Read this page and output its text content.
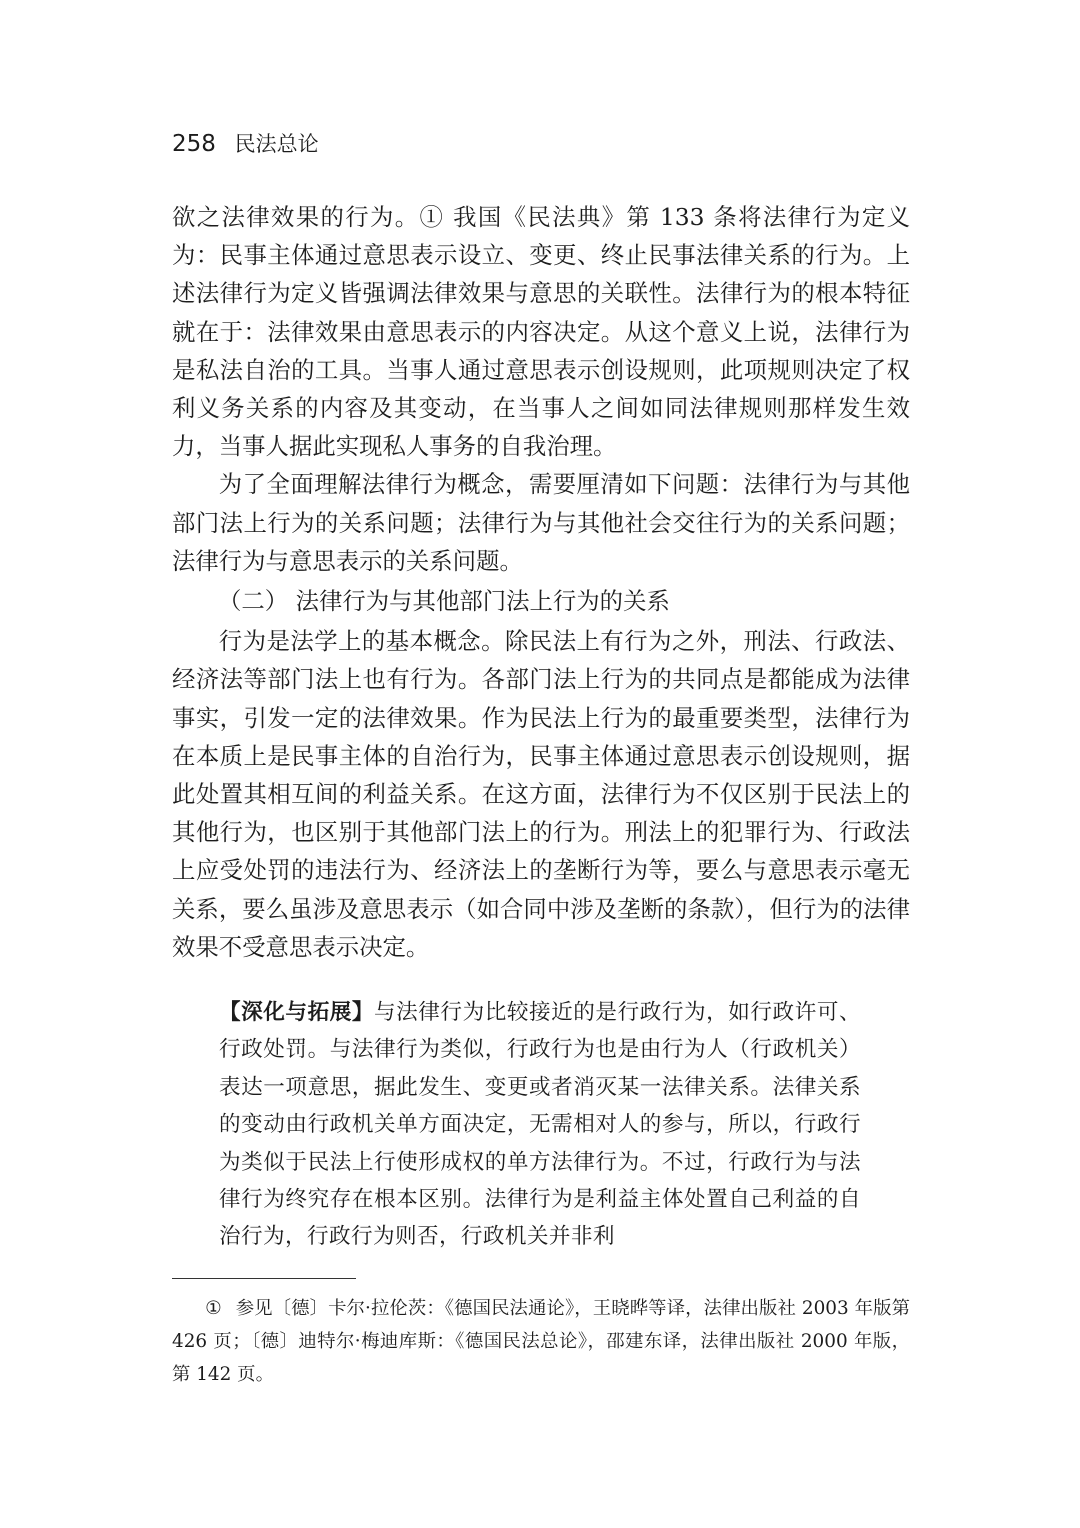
258 民法总论

欲之法律效果的行为。① 我国《民法典》第 133 条将法律行为定义为：民事主体通过意思表示设立、变更、终止民事法律关系的行为。上述法律行为定义皆强调法律效果与意思的关联性。法律行为的根本特征就在于：法律效果由意思表示的内容决定。从这个意义上说，法律行为是私法自治的工具。当事人通过意思表示创设规则，此项规则决定了权利义务关系的内容及其变动，在当事人之间如同法律规则那样发生效力，当事人据此实现私人事务的自我治理。

为了全面理解法律行为概念，需要厘清如下问题：法律行为与其他部门法上行为的关系问题；法律行为与其他社会交往行为的关系问题；法律行为与意思表示的关系问题。

（二） 法律行为与其他部门法上行为的关系

行为是法学上的基本概念。除民法上有行为之外，刑法、行政法、经济法等部门法上也有行为。各部门法上行为的共同点是都能成为法律事实，引发一定的法律效果。作为民法上行为的最重要类型，法律行为在本质上是民事主体的自治行为，民事主体通过意思表示创设规则，据此处置其相互间的利益关系。在这方面，法律行为不仅区别于民法上的其他行为，也区别于其他部门法上的行为。刑法上的犯罪行为、行政法上应受处罚的违法行为、经济法上的垄断行为等，要么与意思表示毫无关系，要么虽涉及意思表示（如合同中涉及垄断的条款），但行为的法律效果不受意思表示决定。

【深化与拓展】与法律行为比较接近的是行政行为，如行政许可、行政处罚。与法律行为类似，行政行为也是由行为人（行政机关）表达一项意思，据此发生、变更或者消灭某一法律关系。法律关系的变动由行政机关单方面决定，无需相对人的参与，所以，行政行为类似于民法上行使形成权的单方法律行为。不过，行政行为与法律行为终究存在根本区别。法律行为是利益主体处置自己利益的自治行为，行政行为则否，行政机关并非利

① 参见〔德〕卡尔·拉伦茨：《德国民法通论》，王晓晔等译，法律出版社 2003 年版第 426 页；〔德〕迪特尔·梅迪库斯：《德国民法总论》，邵建东译，法律出版社 2000 年版，第 142 页。
